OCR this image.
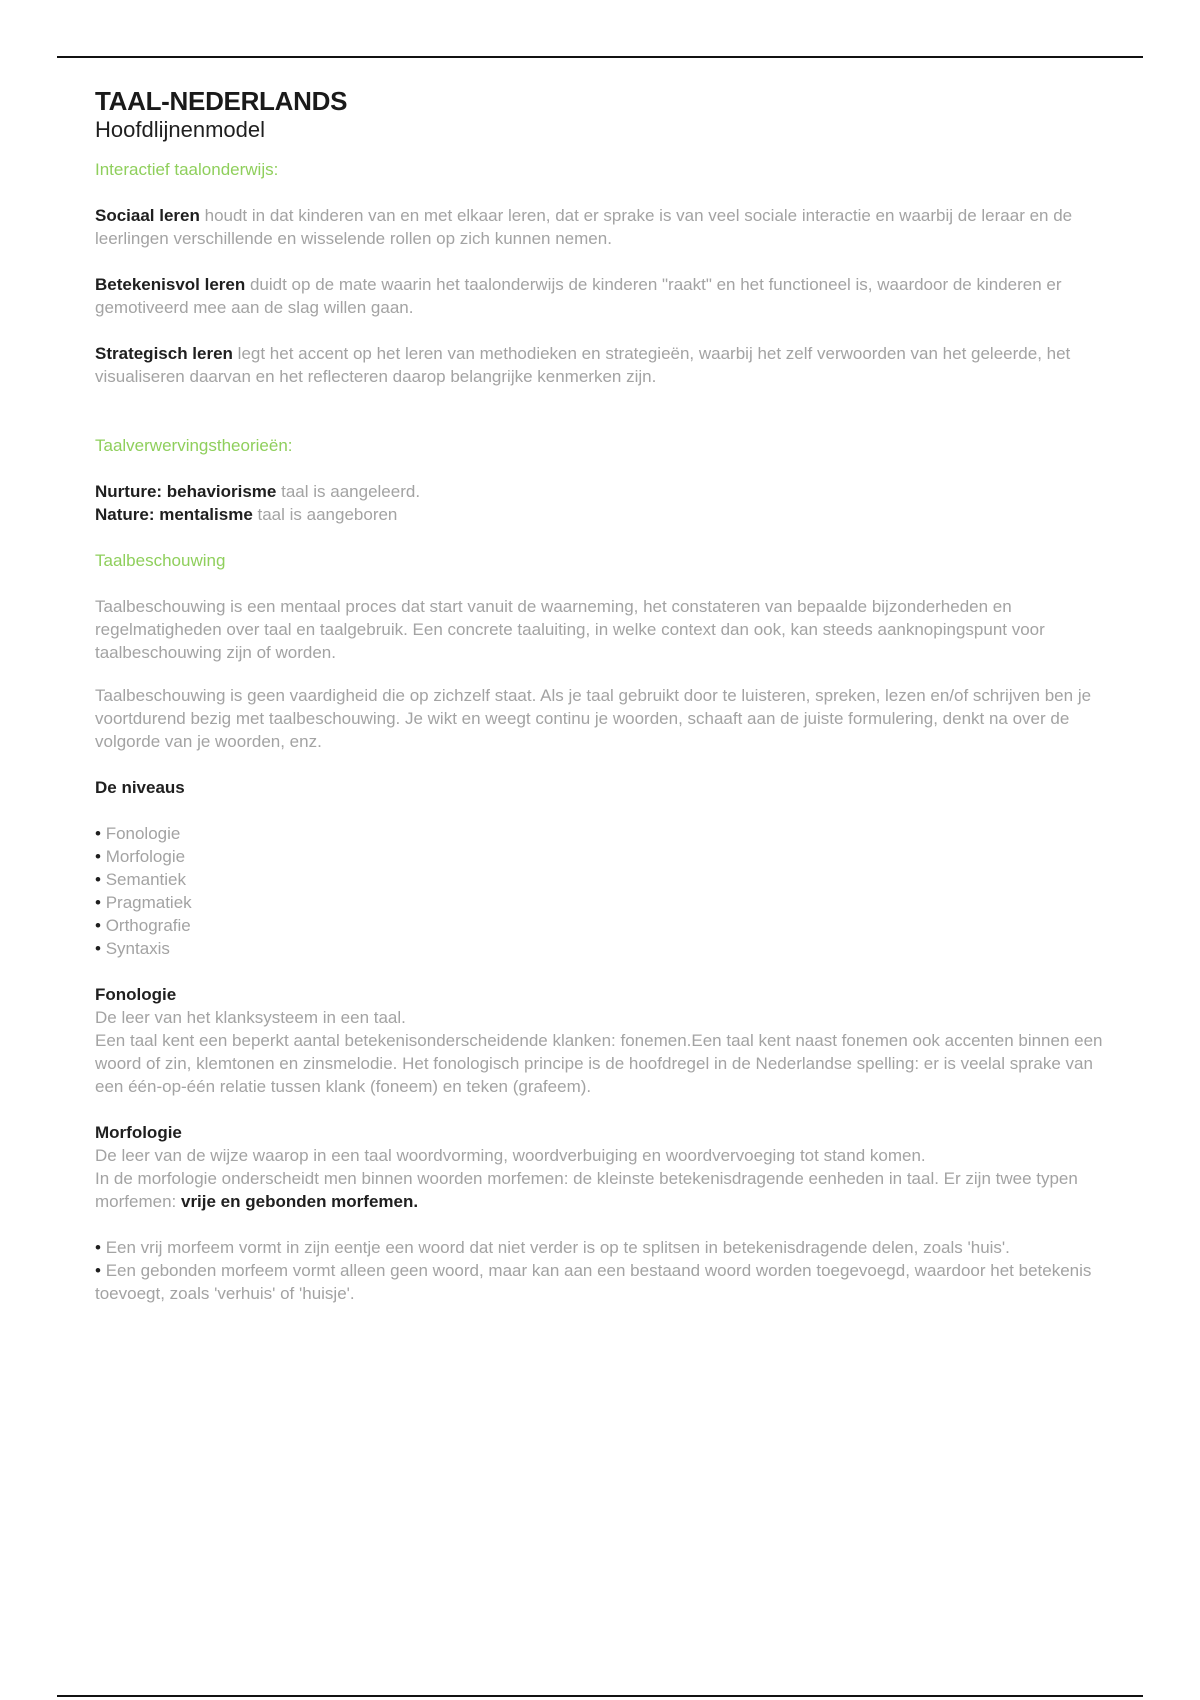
TAAL-NEDERLANDS
Hoofdlijnenmodel
Interactief taalonderwijs:

Sociaal leren houdt in dat kinderen van en met elkaar leren, dat er sprake is van veel sociale interactie en waarbij de leraar en de leerlingen verschillende en wisselende rollen op zich kunnen nemen.

Betekenisvol leren duidt op de mate waarin het taalonderwijs de kinderen "raakt" en het functioneel is, waardoor de kinderen er gemotiveerd mee aan de slag willen gaan.

Strategisch leren legt het accent op het leren van methodieken en strategieën, waarbij het zelf verwoorden van het geleerde, het visualiseren daarvan en het reflecteren daarop belangrijke kenmerken zijn.

Taalverwervingstheorieën:

Nurture: behaviorisme taal is aangeleerd.

Nature: mentalisme taal is aangeboren

Taalbeschouwing

Taalbeschouwing is een mentaal proces dat start vanuit de waarneming, het constateren van bepaalde bijzonderheden en regelmatigheden over taal en taalgebruik. Een concrete taaluiting, in welke context dan ook, kan steeds aanknopingspunt voor taalbeschouwing zijn of worden.

Taalbeschouwing is geen vaardigheid die op zichzelf staat. Als je taal gebruikt door te luisteren, spreken, lezen en/of schrijven ben je voortdurend bezig met taalbeschouwing. Je wikt en weegt continu je woorden, schaaft aan de juiste formulering, denkt na over de volgorde van je woorden, enz.

De niveaus
• Fonologie
• Morfologie
• Semantiek
• Pragmatiek
• Orthografie
• Syntaxis
Fonologie

De leer van het klanksysteem in een taal.

Een taal kent een beperkt aantal betekenisonderscheidende klanken: fonemen.Een taal kent naast fonemen ook accenten binnen een woord of zin, klemtonen en zinsmelodie. Het fonologisch principe is de hoofdregel in de Nederlandse spelling: er is veelal sprake van een één-op-één relatie tussen klank (foneem) en teken (grafeem).

Morfologie

De leer van de wijze waarop in een taal woordvorming, woordverbuiging en woordvervoeging tot stand komen.

In de morfologie onderscheidt men binnen woorden morfemen: de kleinste betekenisdragende eenheden in taal. Er zijn twee typen morfemen: vrije en gebonden morfemen.

• Een vrij morfeem vormt in zijn eentje een woord dat niet verder is op te splitsen in betekenisdragende delen, zoals 'huis'.

• Een gebonden morfeem vormt alleen geen woord, maar kan aan een bestaand woord worden toegevoegd, waardoor het betekenis toevoegt, zoals 'verhuis' of 'huisje'.
